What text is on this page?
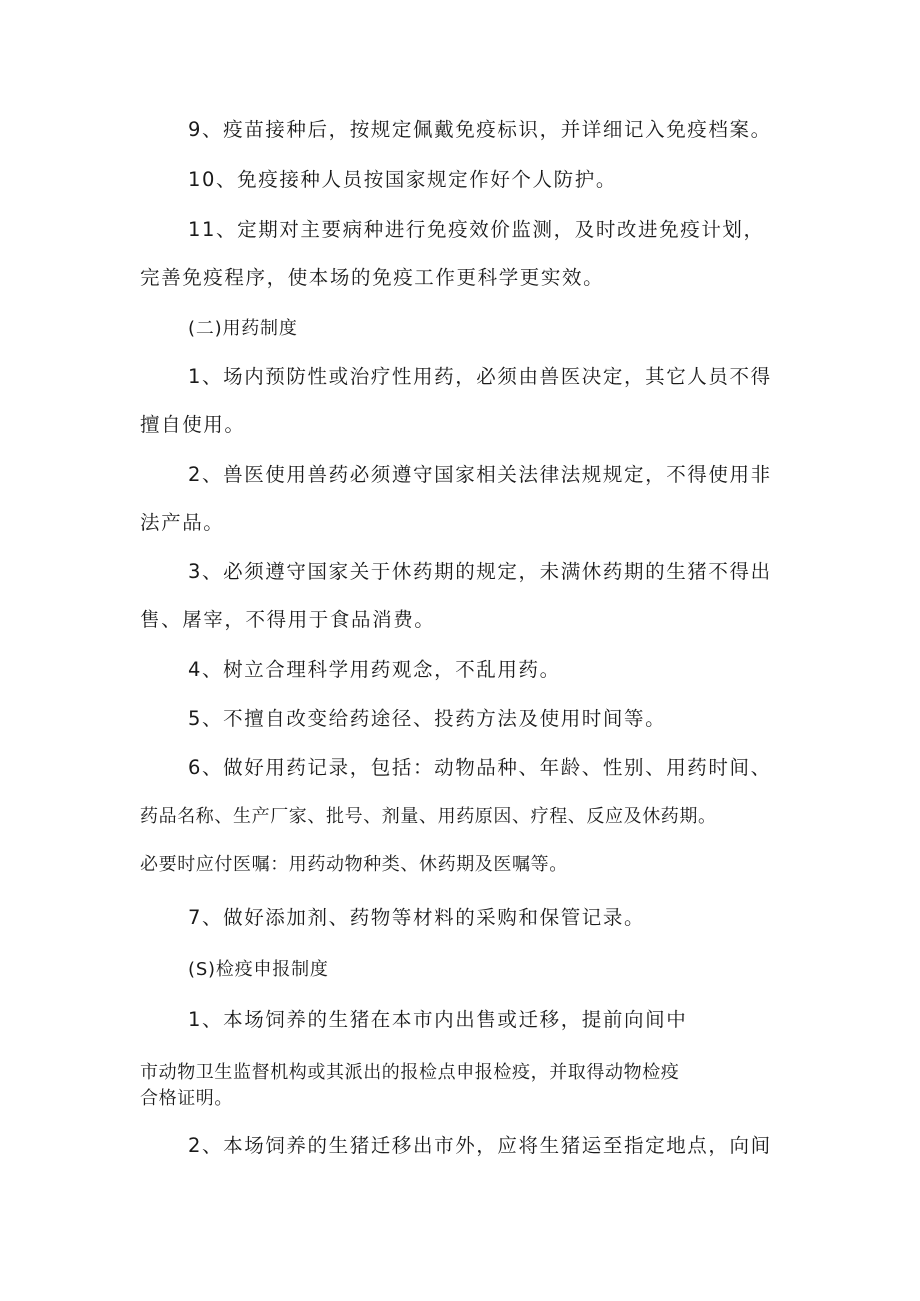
9、疫苗接种后，按规定佩戴免疫标识，并详细记入免疫档案。
10、免疫接种人员按国家规定作好个人防护。
11、定期对主要病种进行免疫效价监测，及时改进免疫计划，
完善免疫程序，使本场的免疫工作更科学更实效。
(二)用药制度
1、场内预防性或治疗性用药，必须由兽医决定，其它人员不得
擅自使用。
2、兽医使用兽药必须遵守国家相关法律法规规定，不得使用非
法产品。
3、必须遵守国家关于休药期的规定，未满休药期的生猪不得出
售、屠宰，不得用于食品消费。
4、树立合理科学用药观念，不乱用药。
5、不擅自改变给药途径、投药方法及使用时间等。
6、做好用药记录，包括：动物品种、年龄、性别、用药时间、
药品名称、生产厂家、批号、剂量、用药原因、疗程、反应及休药期。
必要时应付医嘱：用药动物种类、休药期及医嘱等。
7、做好添加剂、药物等材料的采购和保管记录。
(S)检疫申报制度
1、本场饲养的生猪在本市内出售或迁移，提前向间中
市动物卫生监督机构或其派出的报检点申报检疫，并取得动物检疫
合格证明。
2、本场饲养的生猪迁移出市外，应将生猪运至指定地点，向间
